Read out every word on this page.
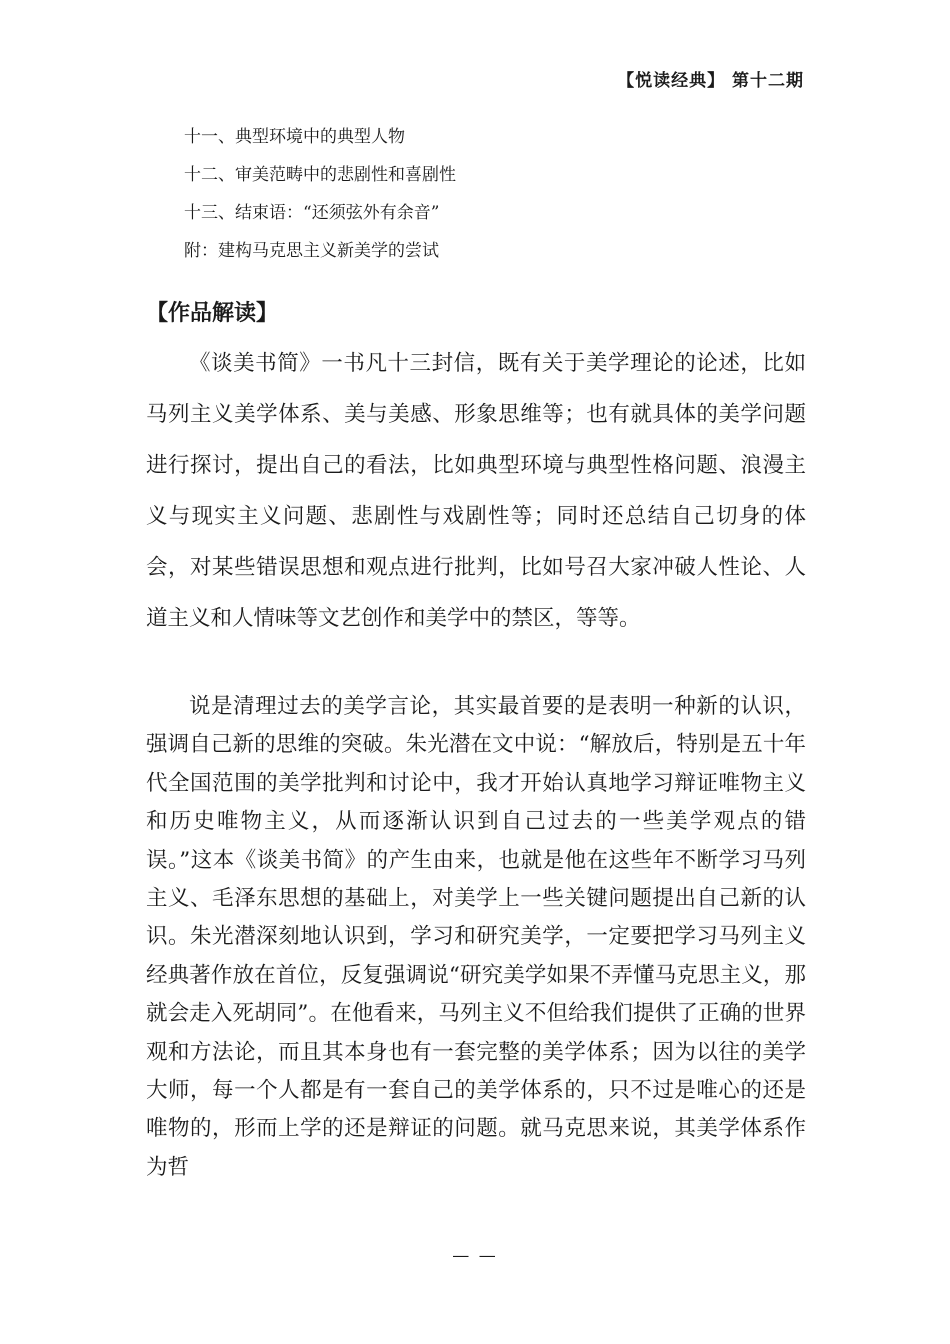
【悦读经典】 第十二期
十一、典型环境中的典型人物
十二、审美范畴中的悲剧性和喜剧性
十三、结束语：“还须弦外有余音”
附：建构马克思主义新美学的尝试
【作品解读】

《谈美书简》一书凡十三封信，既有关于美学理论的论述，比如马列主义美学体系、美与美感、形象思维等；也有就具体的美学问题进行探讨，提出自己的看法，比如典型环境与典型性格问题、浪漫主义与现实主义问题、悲剧性与戏剧性等；同时还总结自己切身的体会，对某些错误思想和观点进行批判，比如号召大家冲破人性论、人道主义和人情味等文艺创作和美学中的禁区，等等。

说是清理过去的美学言论，其实最首要的是表明一种新的认识，强调自己新的思维的突破。朱光潜在文中说：“解放后，特别是五十年代全国范围的美学批判和讨论中，我才开始认真地学习辩证唯物主义和历史唯物主义，从而逐渐认识到自己过去的一些美学观点的错误。”这本《谈美书简》的产生由来，也就是他在这些年不断学习马列主义、毛泽东思想的基础上，对美学上一些关键问题提出自己新的认识。朱光潜深刻地认识到，学习和研究美学，一定要把学习马列主义经典著作放在首位，反复强调说“研究美学如果不弄懂马克思主义，那就会走入死胡同”。在他看来，马列主义不但给我们提供了正确的世界观和方法论，而且其本身也有一套完整的美学体系；因为以往的美学大师，每一个人都是有一套自己的美学体系的，只不过是唯心的还是唯物的，形而上学的还是辩证的问题。就马克思来说，其美学体系作为哲

— —
